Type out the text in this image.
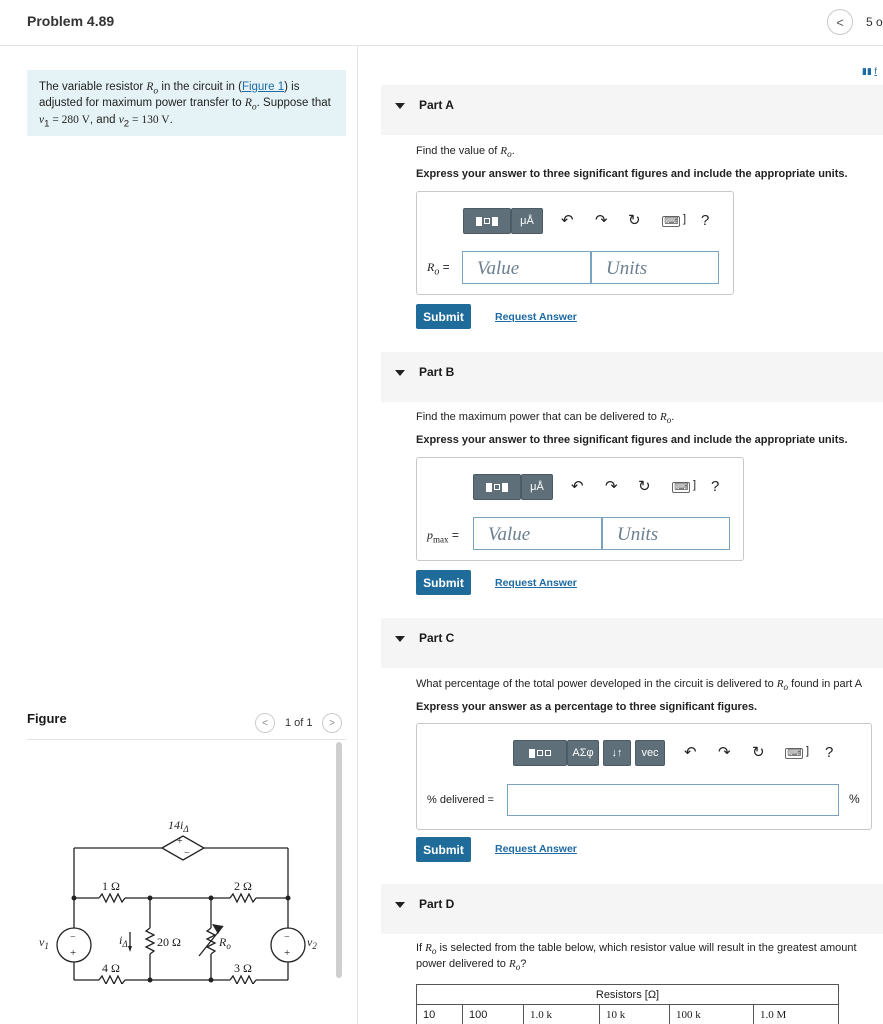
Problem 4.89	<	5 o
The variable resistor $R_o$ in the circuit in (Figure 1) is adjusted for maximum power transfer to $R_o$. Suppose that $v_1 = 280$ V, and $v_2 = 130$ V.
Figure	<	1 of 1	>
$14i_\Delta$
+
−
1 Ω	2 Ω
20 Ω
4 Ω	3 Ω
$R_o$
$i_\Delta$
$v_1$	$v_2$
−
+
−
+
▮▮ f
Part A
Find the value of $R_o$.
Express your answer to three significant figures and include the appropriate units.
μÅ ↶ ↷ ↻ ⌨ ] ?
$R_o$ =	Value	Units
Submit	Request Answer
Part B
Find the maximum power that can be delivered to $R_o$.
Express your answer to three significant figures and include the appropriate units.
μÅ ↶ ↷ ↻ ⌨ ] ?
$p_{max}$ =	Value	Units
Submit	Request Answer
Part C
What percentage of the total power developed in the circuit is delivered to $R_o$ found in part A
Express your answer as a percentage to three significant figures.
ΑΣφ ↓↑ vec ↶ ↷ ↻ ⌨ ] ?
% delivered =	%
Submit	Request Answer
Part D
If $R_o$ is selected from the table below, which resistor value will result in the greatest amount
power delivered to $R_o$?
Resistors [Ω]
10	100	1.0 k	10 k	100 k	1.0 M
